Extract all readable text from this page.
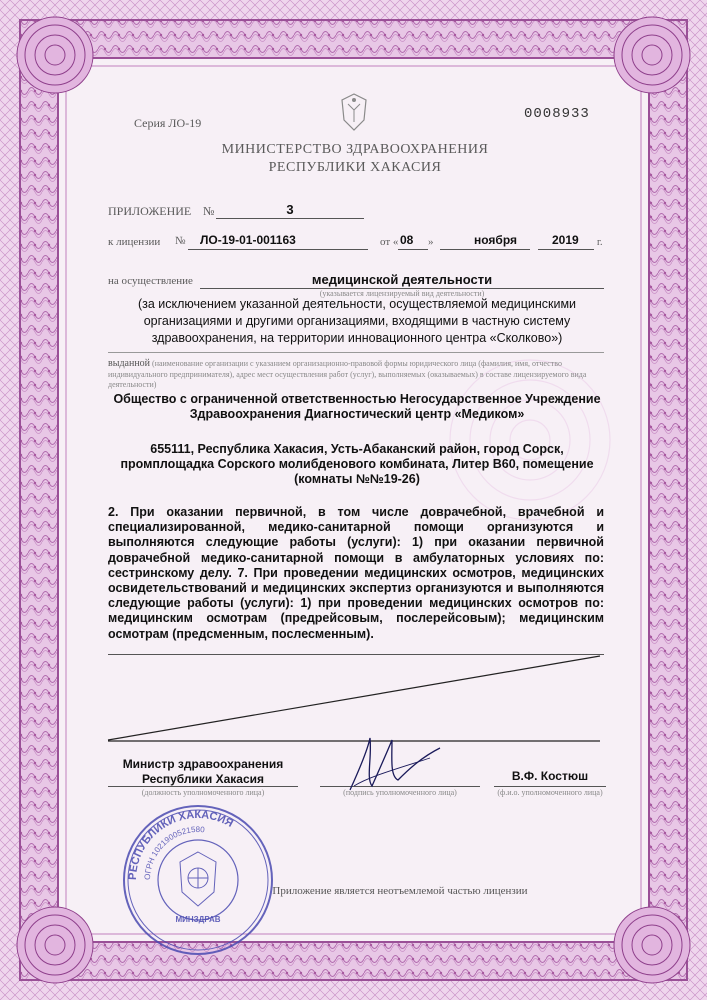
Серия ЛО-19
0008933
МИНИСТЕРСТВО ЗДРАВООХРАНЕНИЯ
РЕСПУБЛИКИ ХАКАСИЯ
ПРИЛОЖЕНИЕ №	3
к лицензии № ЛО-19-01-001163	от « 08 »	ноября	2019 г.
на осуществление	медицинской деятельности
(указывается лицензируемый вид деятельности)
(за исключением указанной деятельности, осуществляемой медицинскими организациями и другими организациями, входящими в частную систему здравоохранения, на территории инновационного центра «Сколково»)
выданной (наименование организации с указанием организационно-правовой формы юридического лица (фамилия, имя, отчество индивидуального предпринимателя), адрес мест осуществления работ (услуг), выполняемых (оказываемых) в составе лицензируемого вида деятельности)
Общество с ограниченной ответственностью Негосударственное Учреждение Здравоохранения Диагностический центр «Медиком»
655111, Республика Хакасия, Усть-Абаканский район, город Сорск, промплощадка Сорского молибденового комбината, Литер В60, помещение (комнаты №№19-26)
2. При оказании первичной, в том числе доврачебной, врачебной и специализированной, медико-санитарной помощи организуются и выполняются следующие работы (услуги): 1) при оказании первичной доврачебной медико-санитарной помощи в амбулаторных условиях по: сестринскому делу. 7. При проведении медицинских осмотров, медицинских освидетельствований и медицинских экспертиз организуются и выполняются следующие работы (услуги): 1) при проведении медицинских осмотров по: медицинским осмотрам (предрейсовым, послерейсовым); медицинским осмотрам (предсменным, послесменным).
Министр здравоохранения
Республики Хакасия
(должность уполномоченного лица)	(подпись уполномоченного лица)
В.Ф. Костюш
(ф.и.о. уполномоченного лица)
РЕСПУБЛИКИ ХАКАСИЯ
ОГРН 1021900521580
МИНЗДРАВ
Приложение является неотъемлемой частью лицензии
